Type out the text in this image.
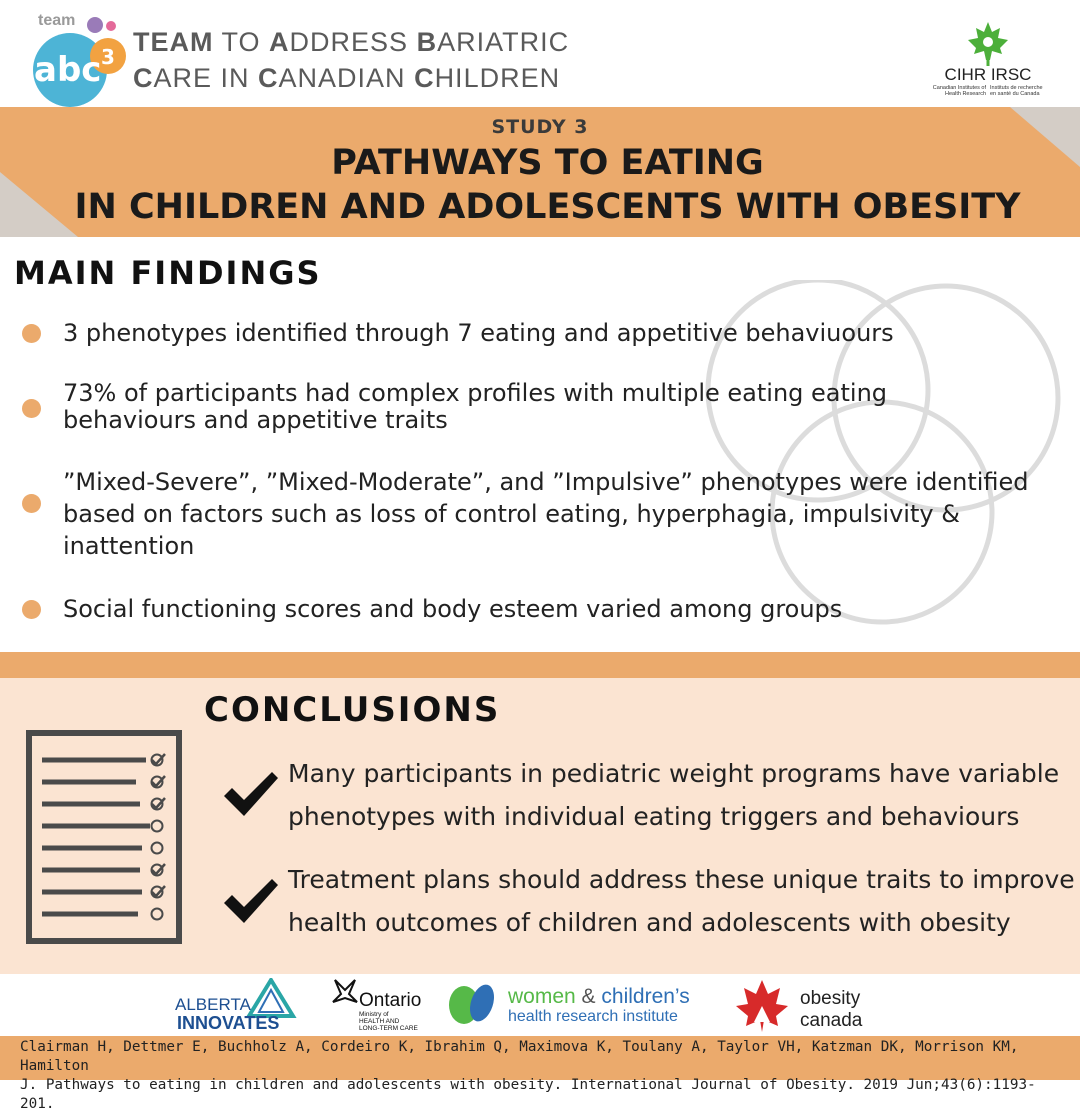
team
abc 3 TEAM TO ADDRESS BARIATRIC
CARE IN CANADIAN CHILDREN	CIHR IRSC
Canadian Institutes of
Health Research
Instituts de recherche
en santé du Canada
STUDY 3
PATHWAYS TO EATING
IN CHILDREN AND ADOLESCENTS WITH OBESITY
MAIN FINDINGS
3 phenotypes identified through 7 eating and appetitive behaviuours
73% of participants had complex profiles with multiple eating eating
behaviours and appetitive traits
”Mixed-Severe”, ”Mixed-Moderate”, and ”Impulsive” phenotypes were identified
based on factors such as loss of control eating, hyperphagia, impulsivity &
inattention
Social functioning scores and body esteem varied among groups
CONCLUSIONS
Many participants in pediatric weight programs have variable
phenotypes with individual eating triggers and behaviours
Treatment plans should address these unique traits to improve
health outcomes of children and adolescents with obesity
ALBERTA
INNOVATES
Ontario
Ministry of
HEALTH AND
LONG-TERM CARE
women & children’s
health research institute
obesity
canada
Clairman H, Dettmer E, Buchholz A, Cordeiro K, Ibrahim Q, Maximova K, Toulany A, Taylor VH, Katzman DK, Morrison KM, Hamilton
J. Pathways to eating in children and adolescents with obesity. International Journal of Obesity. 2019 Jun;43(6):1193-201.
